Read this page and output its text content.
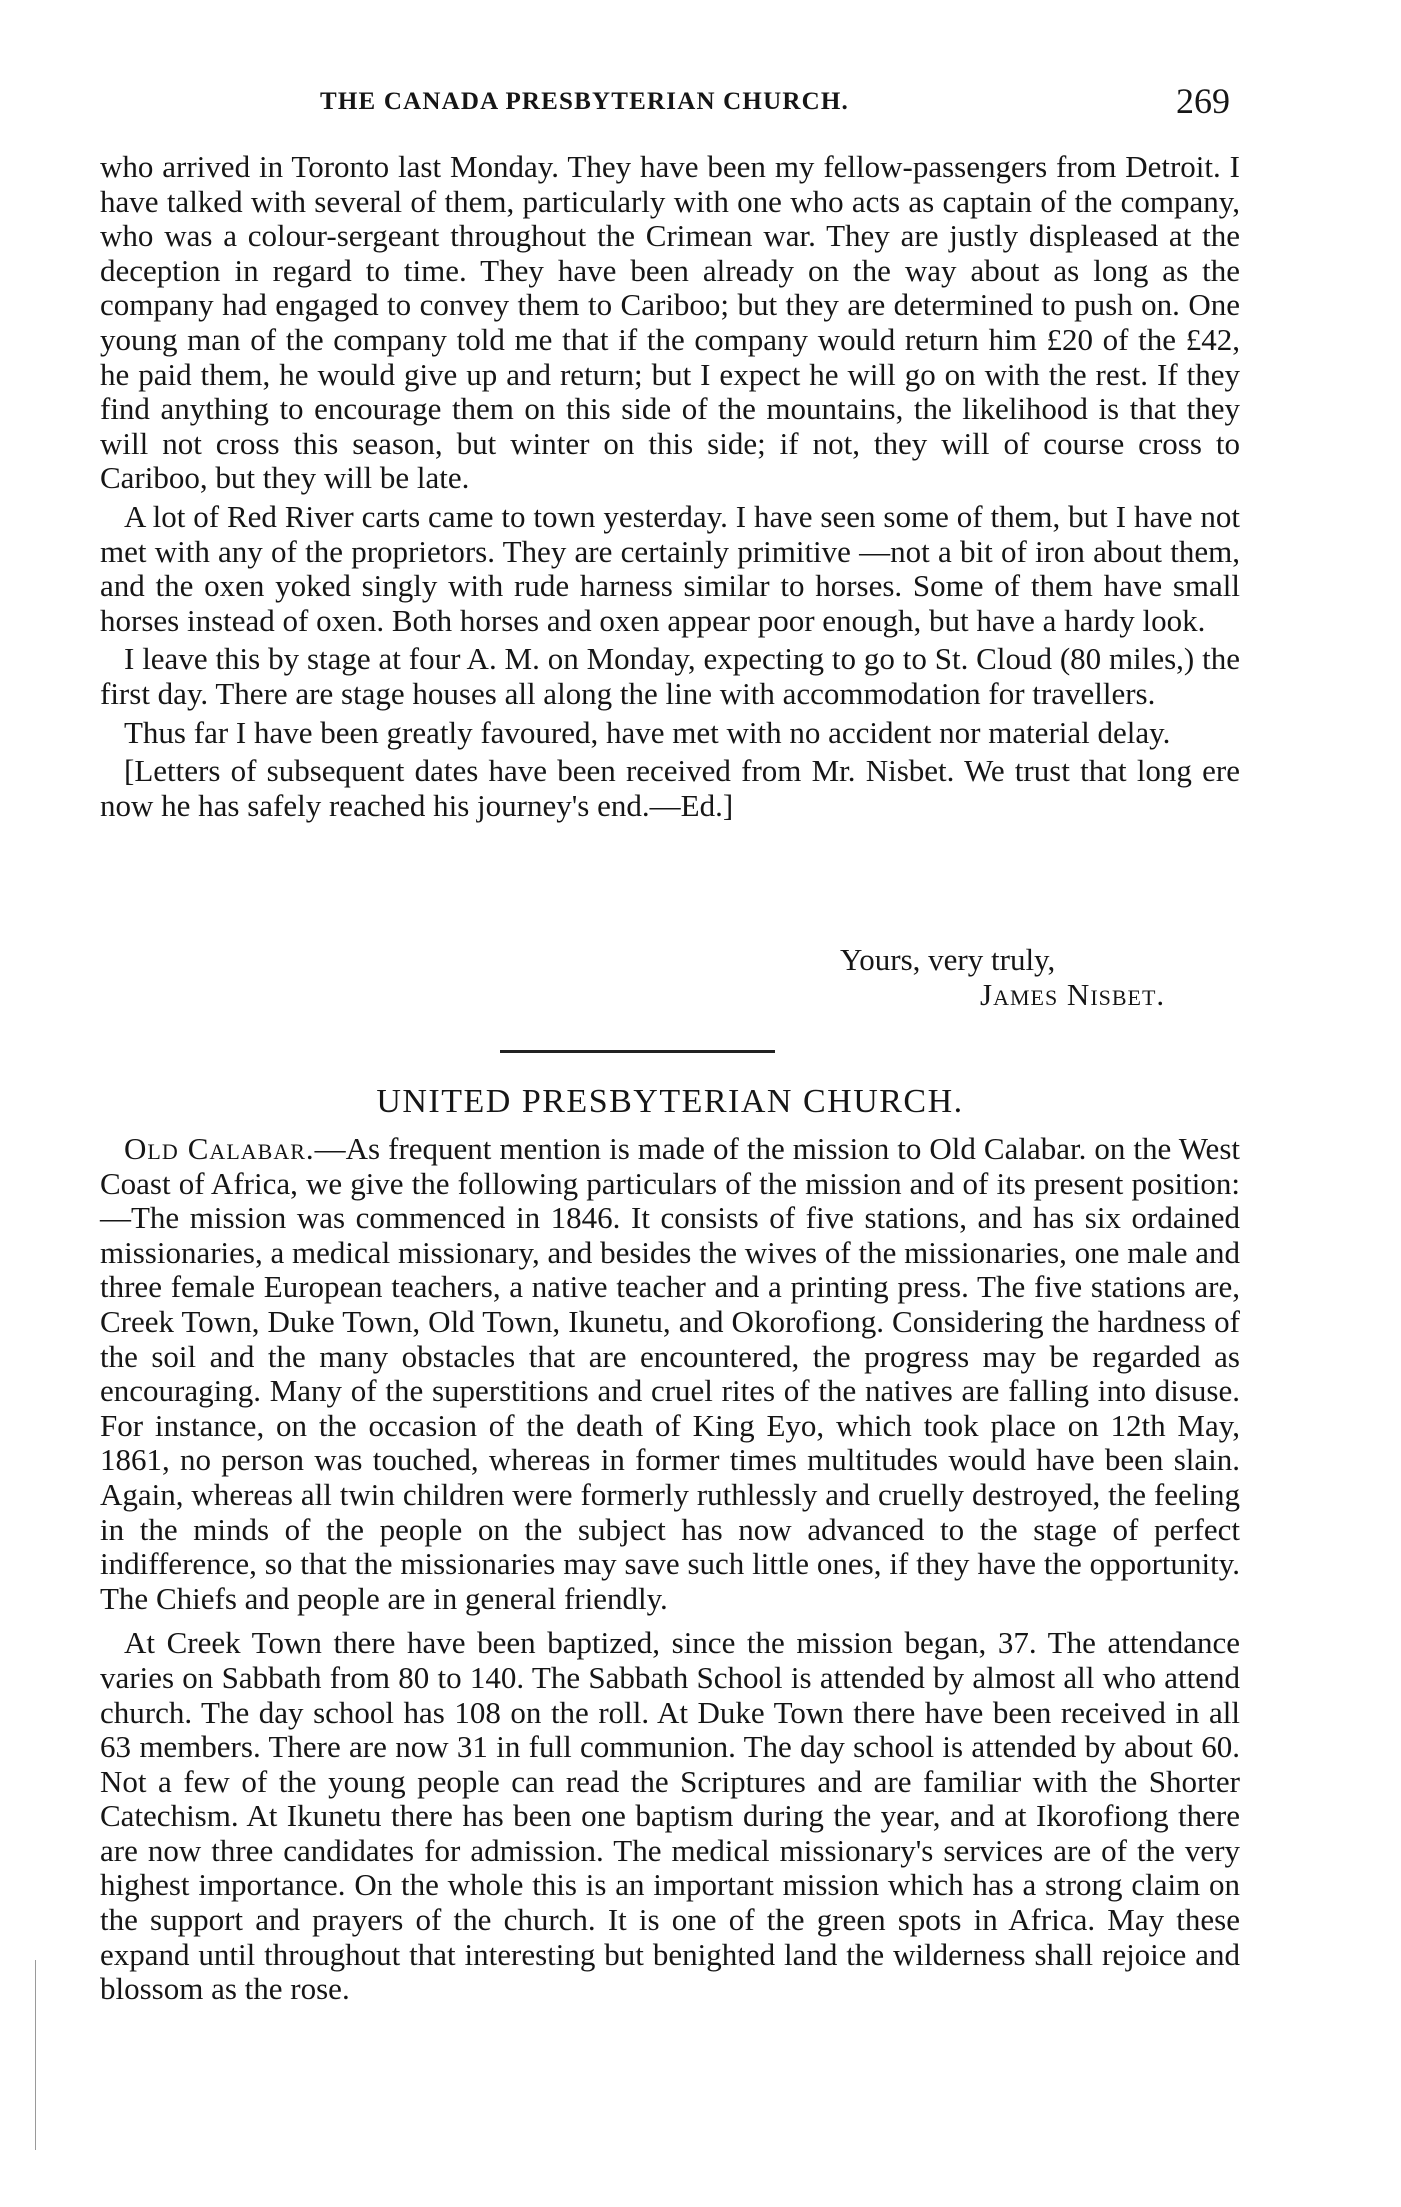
THE CANADA PRESBYTERIAN CHURCH.	269

who arrived in Toronto last Monday. They have been my fellow-passengers from Detroit. I have talked with several of them, particularly with one who acts as captain of the company, who was a colour-sergeant throughout the Crimean war. They are justly displeased at the deception in regard to time. They have been already on the way about as long as the company had engaged to convey them to Cariboo; but they are determined to push on. One young man of the company told me that if the company would return him £20 of the £42, he paid them, he would give up and return; but I expect he will go on with the rest. If they find anything to encourage them on this side of the mountains, the likelihood is that they will not cross this season, but winter on this side; if not, they will of course cross to Cariboo, but they will be late.

A lot of Red River carts came to town yesterday. I have seen some of them, but I have not met with any of the proprietors. They are certainly primitive —not a bit of iron about them, and the oxen yoked singly with rude harness similar to horses. Some of them have small horses instead of oxen. Both horses and oxen appear poor enough, but have a hardy look.

I leave this by stage at four A. M. on Monday, expecting to go to St. Cloud (80 miles,) the first day. There are stage houses all along the line with accommodation for travellers.

Thus far I have been greatly favoured, have met with no accident nor material delay.

[Letters of subsequent dates have been received from Mr. Nisbet. We trust that long ere now he has safely reached his journey's end.—Ed.]

Yours, very truly,
James Nisbet.
UNITED PRESBYTERIAN CHURCH.

Old Calabar.—As frequent mention is made of the mission to Old Calabar. on the West Coast of Africa, we give the following particulars of the mission and of its present position:—The mission was commenced in 1846. It consists of five stations, and has six ordained missionaries, a medical missionary, and besides the wives of the missionaries, one male and three female European teachers, a native teacher and a printing press. The five stations are, Creek Town, Duke Town, Old Town, Ikunetu, and Okorofiong. Considering the hardness of the soil and the many obstacles that are encountered, the progress may be regarded as encouraging. Many of the superstitions and cruel rites of the natives are falling into disuse. For instance, on the occasion of the death of King Eyo, which took place on 12th May, 1861, no person was touched, whereas in former times multitudes would have been slain. Again, whereas all twin children were formerly ruthlessly and cruelly destroyed, the feeling in the minds of the people on the subject has now advanced to the stage of perfect indifference, so that the missionaries may save such little ones, if they have the opportunity. The Chiefs and people are in general friendly.

At Creek Town there have been baptized, since the mission began, 37. The attendance varies on Sabbath from 80 to 140. The Sabbath School is attended by almost all who attend church. The day school has 108 on the roll. At Duke Town there have been received in all 63 members. There are now 31 in full communion. The day school is attended by about 60. Not a few of the young people can read the Scriptures and are familiar with the Shorter Catechism. At Ikunetu there has been one baptism during the year, and at Ikorofiong there are now three candidates for admission. The medical missionary's services are of the very highest importance. On the whole this is an important mission which has a strong claim on the support and prayers of the church. It is one of the green spots in Africa. May these expand until throughout that interesting but benighted land the wilderness shall rejoice and blossom as the rose.
